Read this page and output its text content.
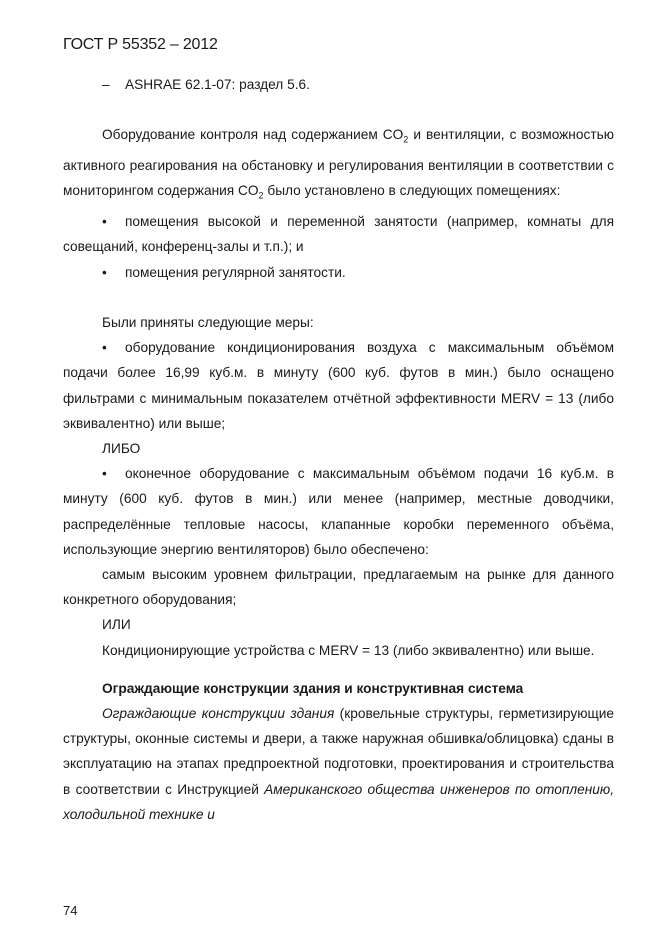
ГОСТ Р 55352 – 2012

– ASHRAE 62.1-07: раздел 5.6.

Оборудование контроля над содержанием $CO_2$ и вентиляции, с возможностью активного реагирования на обстановку и регулирования вентиляции в соответствии с мониторингом содержания $CO_2$ было установлено в следующих помещениях:

• помещения высокой и переменной занятости (например, комнаты для совещаний, конференц-залы и т.п.); и

• помещения регулярной занятости.

Были приняты следующие меры:

• оборудование кондиционирования воздуха с максимальным объёмом подачи более 16,99 куб.м. в минуту (600 куб. футов в мин.) было оснащено фильтрами с минимальным показателем отчётной эффективности MERV = 13 (либо эквивалентно) или выше;

ЛИБО

• оконечное оборудование с максимальным объёмом подачи 16 куб.м. в минуту (600 куб. футов в мин.) или менее (например, местные доводчики, распределённые тепловые насосы, клапанные коробки переменного объёма, использующие энергию вентиляторов) было обеспечено:

самым высоким уровнем фильтрации, предлагаемым на рынке для данного конкретного оборудования;

ИЛИ

Кондиционирующие устройства с MERV = 13 (либо эквивалентно) или выше.

Ограждающие конструкции здания и конструктивная система

Ограждающие конструкции здания (кровельные структуры, герметизирующие структуры, оконные системы и двери, а также наружная обшивка/облицовка) сданы в эксплуатацию на этапах предпроектной подготовки, проектирования и строительства в соответствии с Инструкцией Американского общества инженеров по отоплению, холодильной технике и

74
